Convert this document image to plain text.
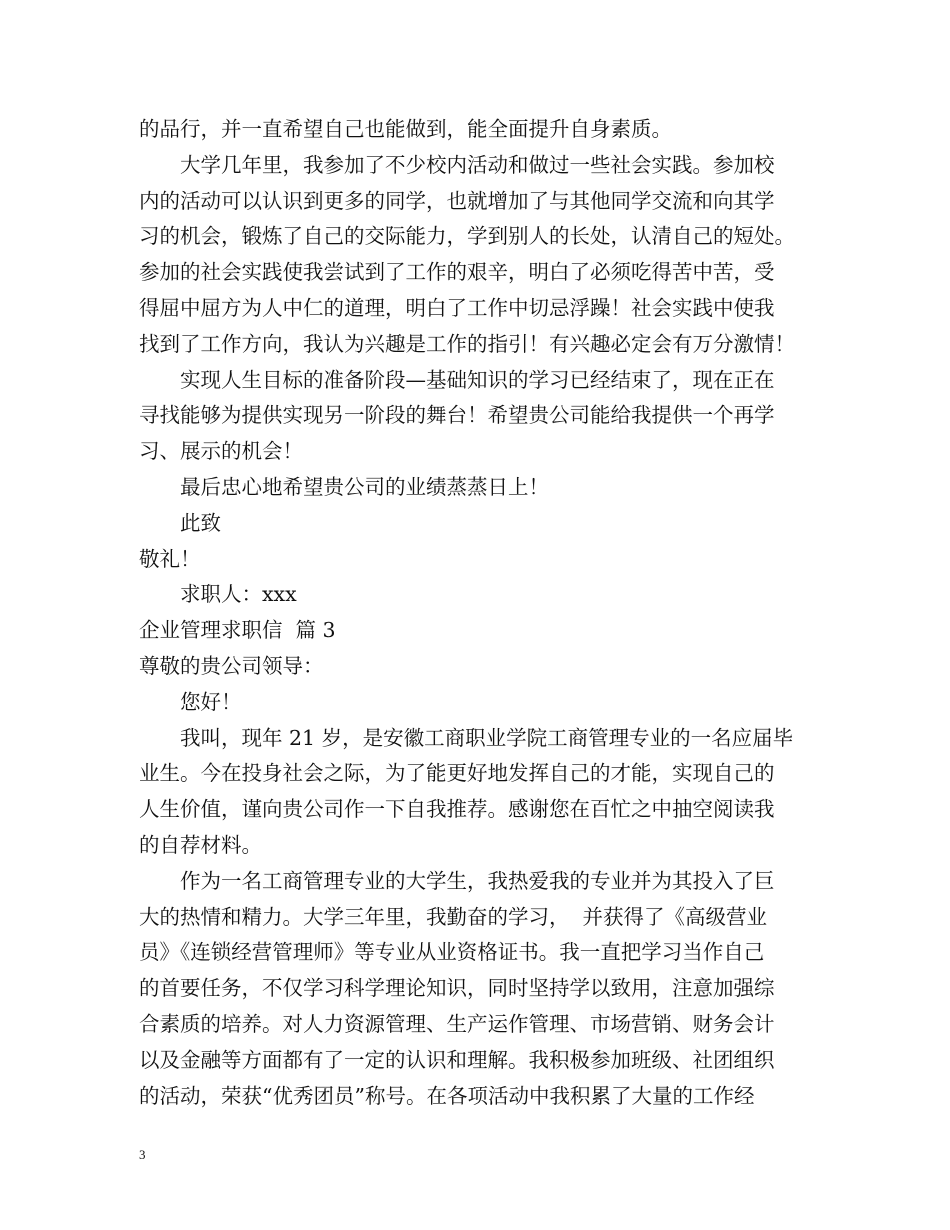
的品行，并一直希望自己也能做到，能全面提升自身素质。
　　大学几年里，我参加了不少校内活动和做过一些社会实践。参加校
内的活动可以认识到更多的同学，也就增加了与其他同学交流和向其学
习的机会，锻炼了自己的交际能力，学到别人的长处，认清自己的短处。
参加的社会实践使我尝试到了工作的艰辛，明白了必须吃得苦中苦，受
得屈中屈方为人中仁的道理，明白了工作中切忌浮躁！社会实践中使我
找到了工作方向，我认为兴趣是工作的指引！有兴趣必定会有万分激情！
　　实现人生目标的准备阶段—基础知识的学习已经结束了，现在正在
寻找能够为提供实现另一阶段的舞台！希望贵公司能给我提供一个再学
习、展示的机会！
　　最后忠心地希望贵公司的业绩蒸蒸日上！
　　此致
敬礼！
　　求职人：xxx
企业管理求职信  篇 3
尊敬的贵公司领导：
　　您好！
　　我叫，现年 21 岁，是安徽工商职业学院工商管理专业的一名应届毕
业生。今在投身社会之际，为了能更好地发挥自己的才能，实现自己的
人生价值，谨向贵公司作一下自我推荐。感谢您在百忙之中抽空阅读我
的自荐材料。
　　作为一名工商管理专业的大学生，我热爱我的专业并为其投入了巨
大的热情和精力。大学三年里，我勤奋的学习，  并获得了《高级营业
员》《连锁经营管理师》等专业从业资格证书。我一直把学习当作自己
的首要任务，不仅学习科学理论知识，同时坚持学以致用，注意加强综
合素质的培养。对人力资源管理、生产运作管理、市场营销、财务会计
以及金融等方面都有了一定的认识和理解。我积极参加班级、社团组织
的活动，荣获“优秀团员”称号。在各项活动中我积累了大量的工作经
3
